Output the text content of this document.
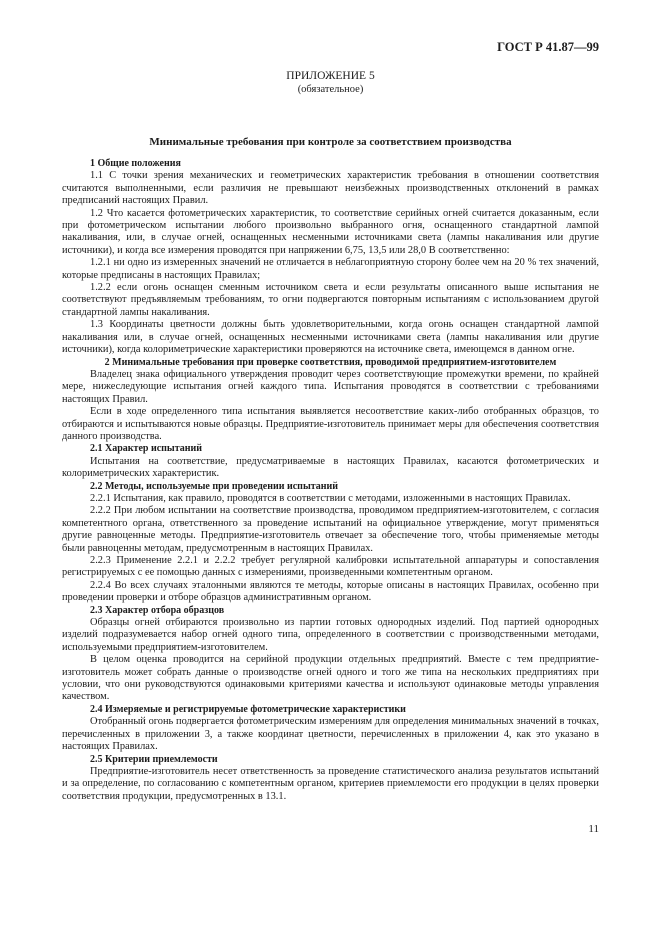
ГОСТ Р 41.87—99
ПРИЛОЖЕНИЕ 5
(обязательное)
Минимальные требования при контроле за соответствием производства

1 Общие положения

1.1 С точки зрения механических и геометрических характеристик требования в отношении соответствия считаются выполненными, если различия не превышают неизбежных производственных отклонений в рамках предписаний настоящих Правил.

1.2 Что касается фотометрических характеристик, то соответствие серийных огней считается доказанным, если при фотометрическом испытании любого произвольно выбранного огня, оснащенного стандартной лампой накаливания, или, в случае огней, оснащенных несменными источниками света (лампы накаливания или другие источники), и когда все измерения проводятся при напряжении 6,75, 13,5 или 28,0 В соответственно:

1.2.1 ни одно из измеренных значений не отличается в неблагоприятную сторону более чем на 20 % тех значений, которые предписаны в настоящих Правилах;

1.2.2 если огонь оснащен сменным источником света и если результаты описанного выше испытания не соответствуют предъявляемым требованиям, то огни подвергаются повторным испытаниям с использованием другой стандартной лампы накаливания.

1.3 Координаты цветности должны быть удовлетворительными, когда огонь оснащен стандартной лампой накаливания или, в случае огней, оснащенных несменными источниками света (лампы накаливания или другие источники), когда колориметрические характеристики проверяются на источнике света, имеющемся в данном огне.

2 Минимальные требования при проверке соответствия, проводимой предприятием-изготовителем

Владелец знака официального утверждения проводит через соответствующие промежутки времени, по крайней мере, нижеследующие испытания огней каждого типа. Испытания проводятся в соответствии с требованиями настоящих Правил.

Если в ходе определенного типа испытания выявляется несоответствие каких-либо отобранных образцов, то отбираются и испытываются новые образцы. Предприятие-изготовитель принимает меры для обеспечения соответствия данного производства.

2.1 Характер испытаний

Испытания на соответствие, предусматриваемые в настоящих Правилах, касаются фотометрических и колориметрических характеристик.

2.2 Методы, используемые при проведении испытаний

2.2.1 Испытания, как правило, проводятся в соответствии с методами, изложенными в настоящих Правилах.

2.2.2 При любом испытании на соответствие производства, проводимом предприятием-изготовителем, с согласия компетентного органа, ответственного за проведение испытаний на официальное утверждение, могут применяться другие равноценные методы. Предприятие-изготовитель отвечает за обеспечение того, чтобы применяемые методы были равноценны методам, предусмотренным в настоящих Правилах.

2.2.3 Применение 2.2.1 и 2.2.2 требует регулярной калибровки испытательной аппаратуры и сопоставления регистрируемых с ее помощью данных с измерениями, произведенными компетентным органом.

2.2.4 Во всех случаях эталонными являются те методы, которые описаны в настоящих Правилах, особенно при проведении проверки и отборе образцов административным органом.

2.3 Характер отбора образцов

Образцы огней отбираются произвольно из партии готовых однородных изделий. Под партией однородных изделий подразумевается набор огней одного типа, определенного в соответствии с производственными методами, используемыми предприятием-изготовителем.

В целом оценка проводится на серийной продукции отдельных предприятий. Вместе с тем предприятие-изготовитель может собрать данные о производстве огней одного и того же типа на нескольких предприятиях при условии, что они руководствуются одинаковыми критериями качества и используют одинаковые методы управления качеством.

2.4 Измеряемые и регистрируемые фотометрические характеристики

Отобранный огонь подвергается фотометрическим измерениям для определения минимальных значений в точках, перечисленных в приложении 3, а также координат цветности, перечисленных в приложении 4, как это указано в настоящих Правилах.

2.5 Критерии приемлемости

Предприятие-изготовитель несет ответственность за проведение статистического анализа результатов испытаний и за определение, по согласованию с компетентным органом, критериев приемлемости его продукции в целях проверки соответствия продукции, предусмотренных в 13.1.

11
